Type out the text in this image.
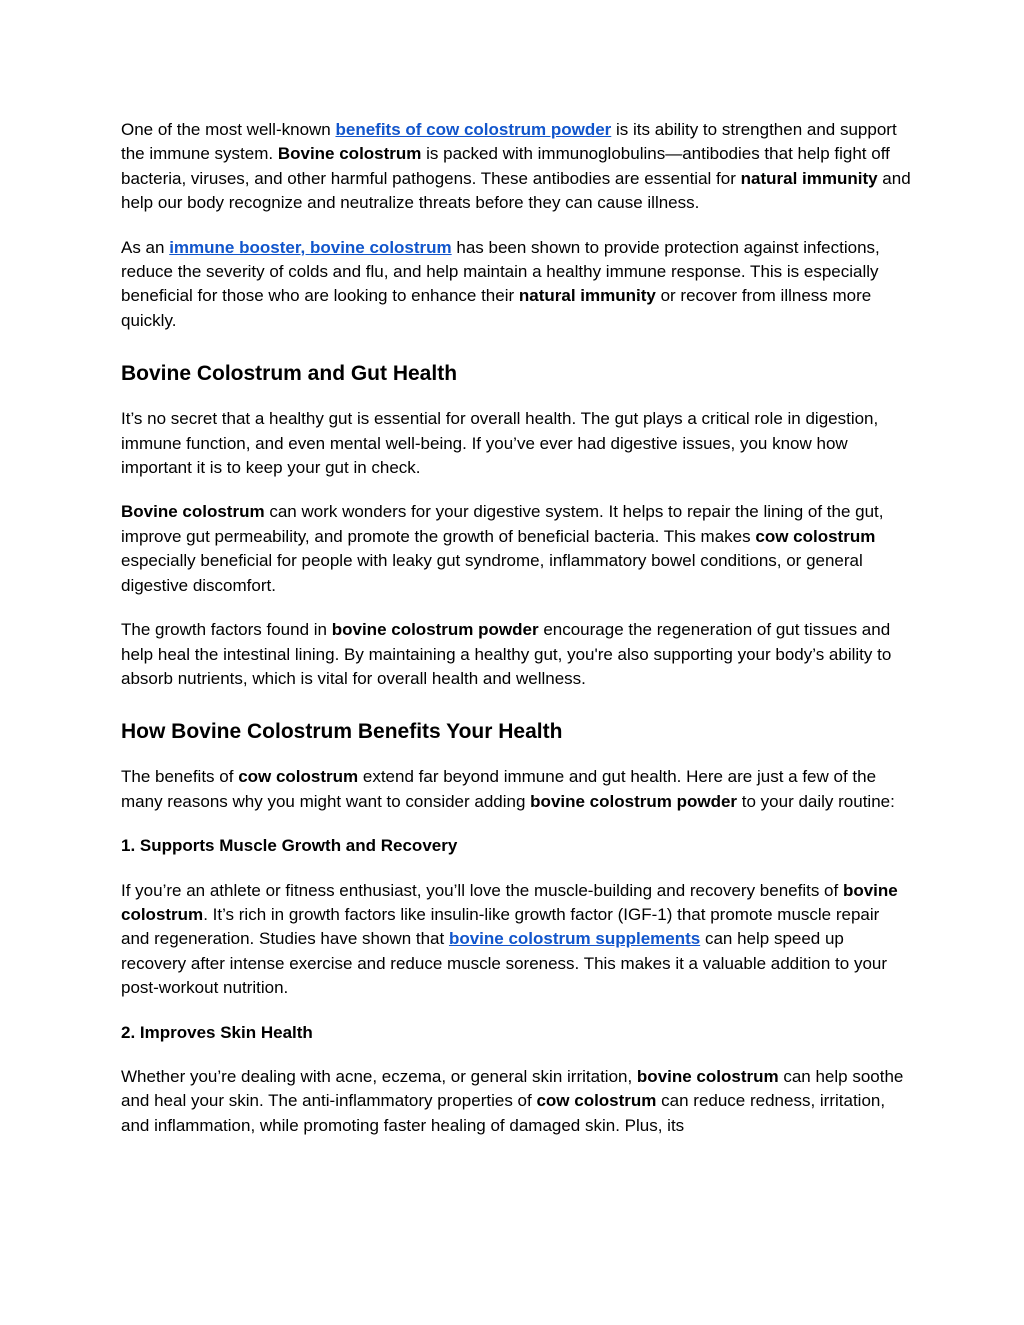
One of the most well-known benefits of cow colostrum powder is its ability to strengthen and support the immune system. Bovine colostrum is packed with immunoglobulins—antibodies that help fight off bacteria, viruses, and other harmful pathogens. These antibodies are essential for natural immunity and help our body recognize and neutralize threats before they can cause illness.

As an immune booster, bovine colostrum has been shown to provide protection against infections, reduce the severity of colds and flu, and help maintain a healthy immune response. This is especially beneficial for those who are looking to enhance their natural immunity or recover from illness more quickly.

Bovine Colostrum and Gut Health

It’s no secret that a healthy gut is essential for overall health. The gut plays a critical role in digestion, immune function, and even mental well-being. If you’ve ever had digestive issues, you know how important it is to keep your gut in check.

Bovine colostrum can work wonders for your digestive system. It helps to repair the lining of the gut, improve gut permeability, and promote the growth of beneficial bacteria. This makes cow colostrum especially beneficial for people with leaky gut syndrome, inflammatory bowel conditions, or general digestive discomfort.

The growth factors found in bovine colostrum powder encourage the regeneration of gut tissues and help heal the intestinal lining. By maintaining a healthy gut, you're also supporting your body’s ability to absorb nutrients, which is vital for overall health and wellness.

How Bovine Colostrum Benefits Your Health

The benefits of cow colostrum extend far beyond immune and gut health. Here are just a few of the many reasons why you might want to consider adding bovine colostrum powder to your daily routine:

1. Supports Muscle Growth and Recovery

If you’re an athlete or fitness enthusiast, you’ll love the muscle-building and recovery benefits of bovine colostrum. It’s rich in growth factors like insulin-like growth factor (IGF-1) that promote muscle repair and regeneration. Studies have shown that bovine colostrum supplements can help speed up recovery after intense exercise and reduce muscle soreness. This makes it a valuable addition to your post-workout nutrition.

2. Improves Skin Health

Whether you’re dealing with acne, eczema, or general skin irritation, bovine colostrum can help soothe and heal your skin. The anti-inflammatory properties of cow colostrum can reduce redness, irritation, and inflammation, while promoting faster healing of damaged skin. Plus, its
